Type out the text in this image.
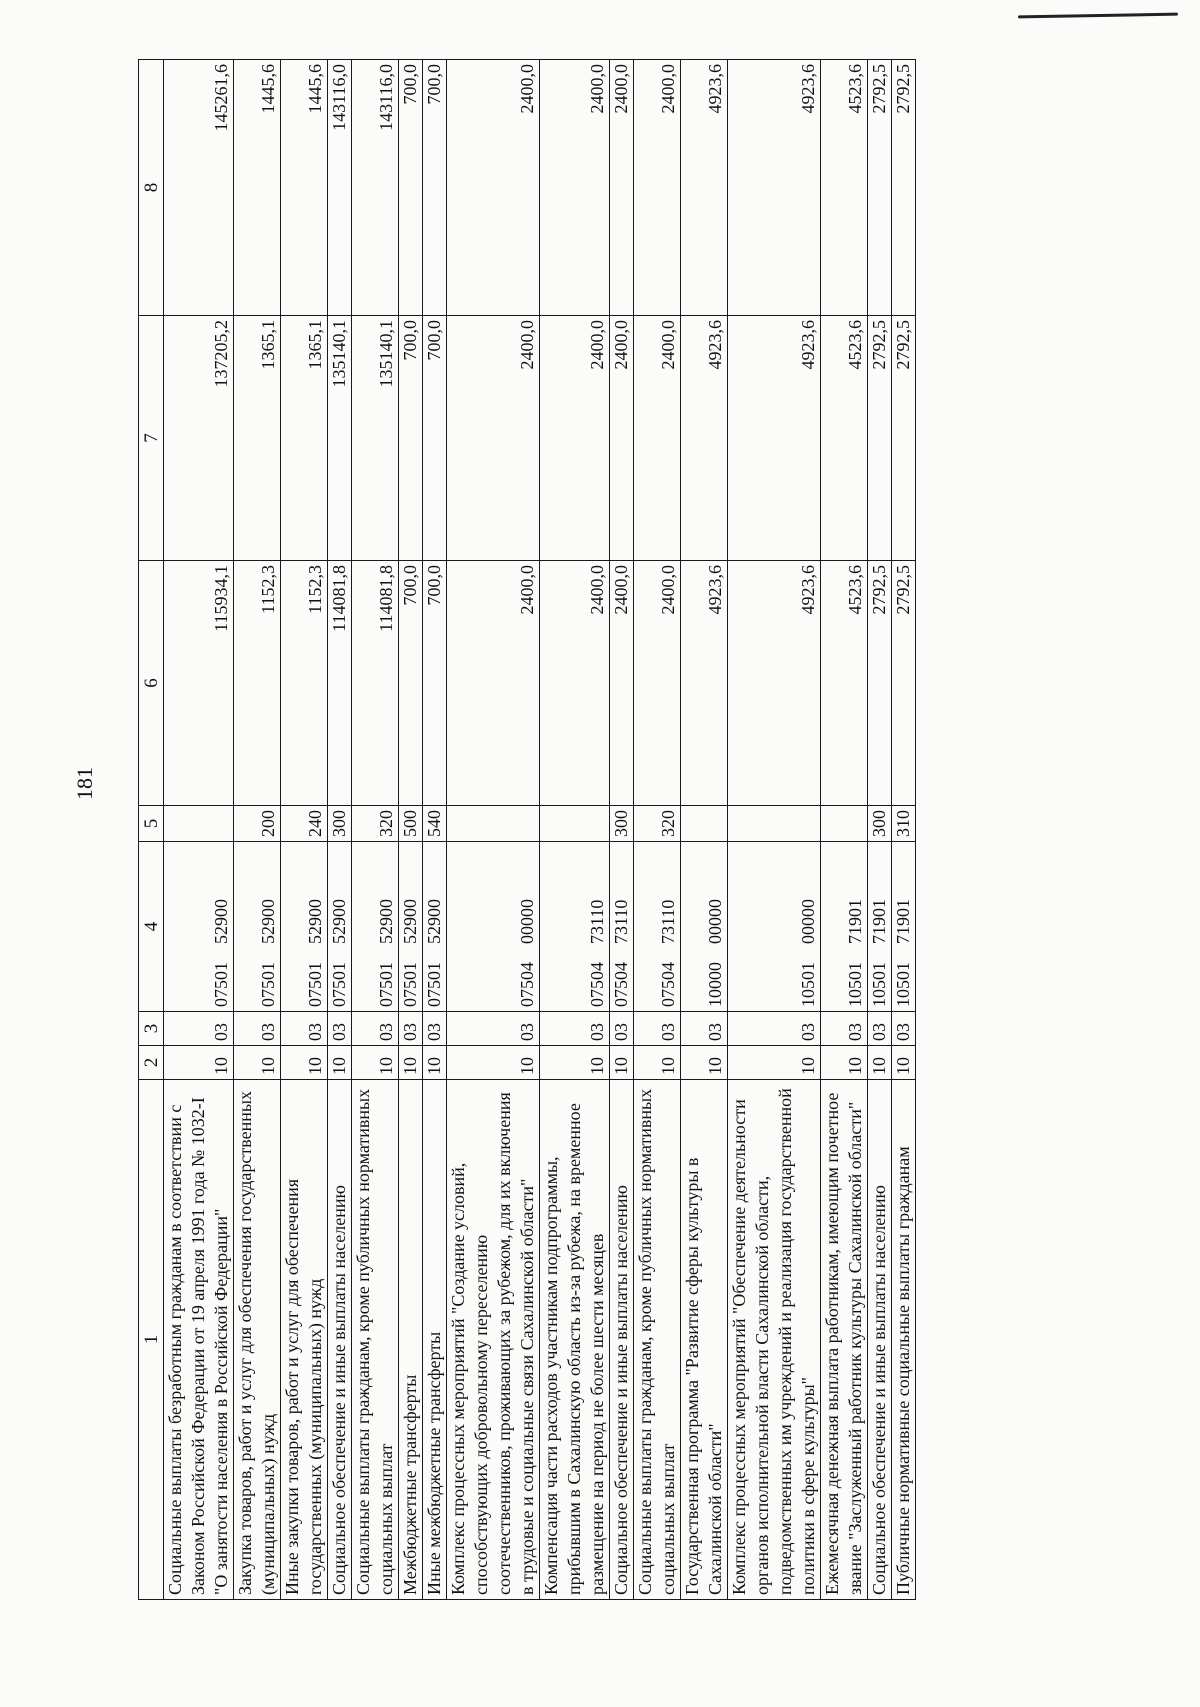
181
1	2	3	4	5	6	7	8
Социальные выплаты безработным гражданам в соответствии с Законом Российской Федерации от 19 апреля 1991 года № 1032-I "О занятости населения в Российской Федерации"	10	03	0750152900		115934,1	137205,2	145261,6
Закупка товаров, работ и услуг для обеспечения государственных (муниципальных) нужд	10	03	0750152900	200	1152,3	1365,1	1445,6
Иные закупки товаров, работ и услуг для обеспечения государственных (муниципальных) нужд	10	03	0750152900	240	1152,3	1365,1	1445,6
Социальное обеспечение и иные выплаты населению	10	03	0750152900	300	114081,8	135140,1	143116,0
Социальные выплаты гражданам, кроме публичных нормативных социальных выплат	10	03	0750152900	320	114081,8	135140,1	143116,0
Межбюджетные трансферты	10	03	0750152900	500	700,0	700,0	700,0
Иные межбюджетные трансферты	10	03	0750152900	540	700,0	700,0	700,0
Комплекс процессных мероприятий "Создание условий, способствующих добровольному переселению соотечественников, проживающих за рубежом, для их включения в трудовые и социальные связи Сахалинской области"	10	03	0750400000		2400,0	2400,0	2400,0
Компенсация части расходов участникам подпрограммы, прибывшим в Сахалинскую область из-за рубежа, на временное размещение на период не более шести месяцев	10	03	0750473110		2400,0	2400,0	2400,0
Социальное обеспечение и иные выплаты населению	10	03	0750473110	300	2400,0	2400,0	2400,0
Социальные выплаты гражданам, кроме публичных нормативных социальных выплат	10	03	0750473110	320	2400,0	2400,0	2400,0
Государственная программа "Развитие сферы культуры в Сахалинской области"	10	03	1000000000		4923,6	4923,6	4923,6
Комплекс процессных мероприятий "Обеспечение деятельности органов исполнительной власти Сахалинской области, подведомственных им учреждений и реализация государственной политики в сфере культуры"	10	03	1050100000		4923,6	4923,6	4923,6
Ежемесячная денежная выплата работникам, имеющим почетное звание "Заслуженный работник культуры Сахалинской области"	10	03	1050171901		4523,6	4523,6	4523,6
Социальное обеспечение и иные выплаты населению	10	03	1050171901	300	2792,5	2792,5	2792,5
Публичные нормативные социальные выплаты гражданам	10	03	1050171901	310	2792,5	2792,5	2792,5
